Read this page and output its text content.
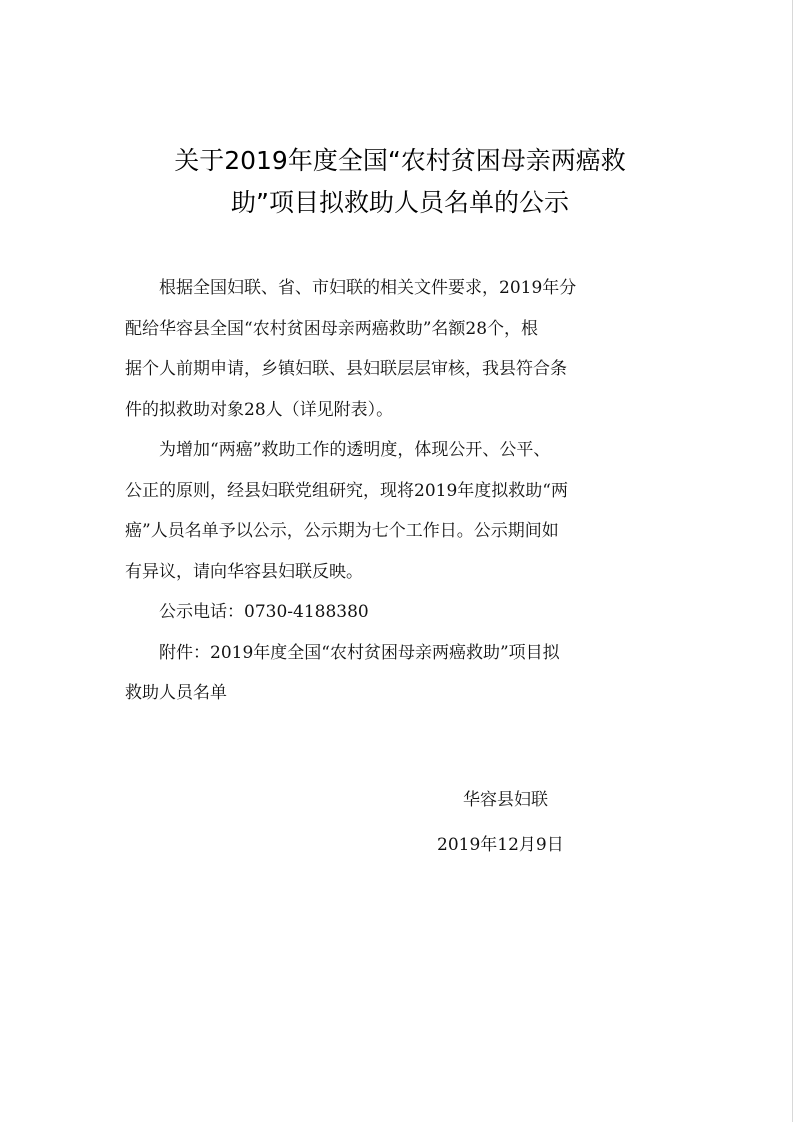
关于2019年度全国“农村贫困母亲两癌救
助”项目拟救助人员名单的公示
根据全国妇联、省、市妇联的相关文件要求，2019年分
配给华容县全国“农村贫困母亲两癌救助”名额28个，根
据个人前期申请，乡镇妇联、县妇联层层审核，我县符合条
件的拟救助对象28人（详见附表）。
为增加“两癌”救助工作的透明度，体现公开、公平、
公正的原则，经县妇联党组研究，现将2019年度拟救助“两
癌”人员名单予以公示，公示期为七个工作日。公示期间如
有异议，请向华容县妇联反映。
公示电话：0730-4188380
附件：2019年度全国“农村贫困母亲两癌救助”项目拟
救助人员名单
华容县妇联
2019年12月9日
